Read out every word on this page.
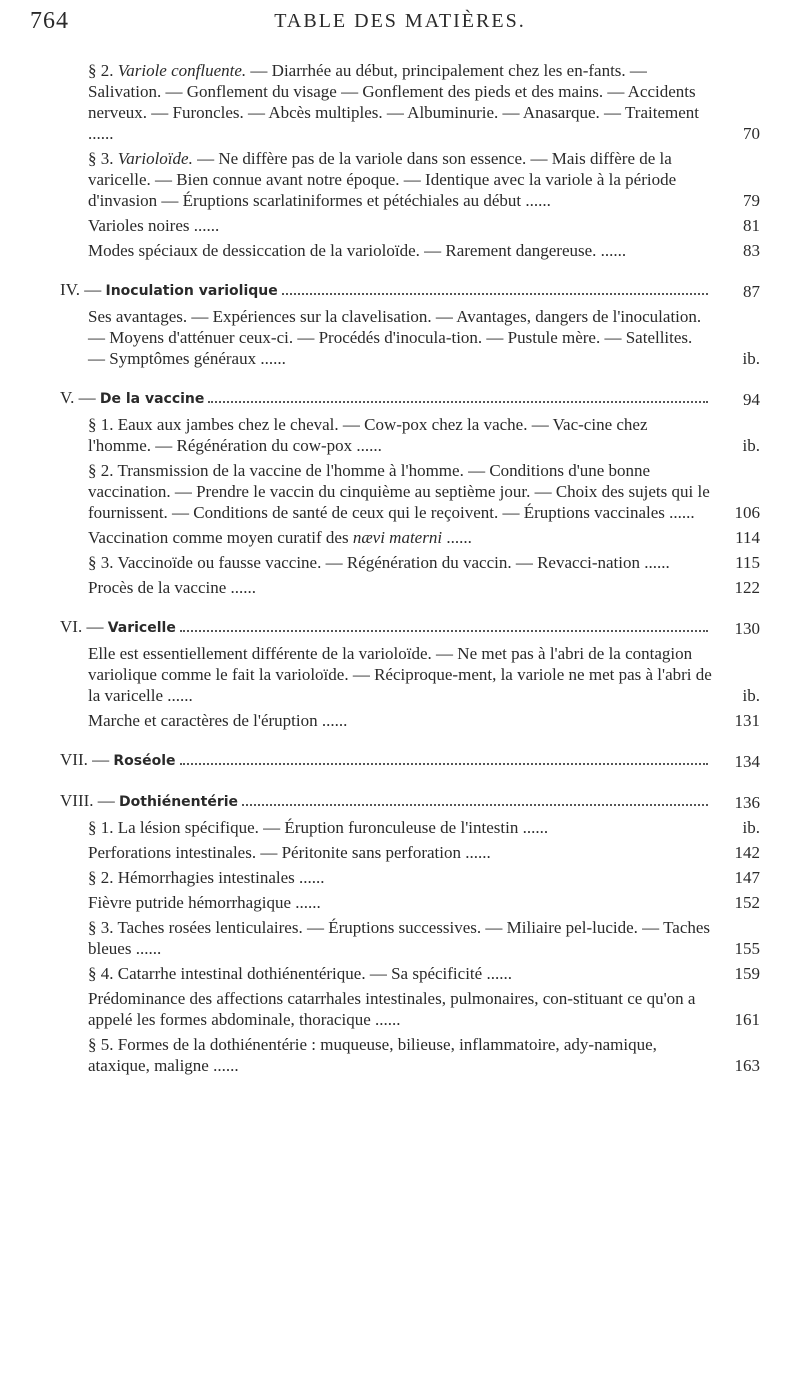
764	TABLE DES MATIÈRES.
§ 2. Variole confluente. — Diarrhée au début, principalement chez les en-fants. — Salivation. — Gonflement du visage — Gonflement des pieds et des mains. — Accidents nerveux. — Furoncles. — Abcès multiples. — Albuminurie. — Anasarque. — Traitement ......	70
§ 3. Varioloïde. — Ne diffère pas de la variole dans son essence. — Mais diffère de la varicelle. — Bien connue avant notre époque. — Identique avec la variole à la période d'invasion — Éruptions scarlatiniformes et pétéchiales au début ......	79
Varioles noires ......	81
Modes spéciaux de dessiccation de la varioloïde. — Rarement dangereuse. ......	83
IV. — Inoculation variolique	87
Ses avantages. — Expériences sur la clavelisation. — Avantages, dangers de l'inoculation. — Moyens d'atténuer ceux-ci. — Procédés d'inocula-tion. — Pustule mère. — Satellites. — Symptômes généraux ......	ib.
V. — De la vaccine	94
§ 1. Eaux aux jambes chez le cheval. — Cow-pox chez la vache. — Vac-cine chez l'homme. — Régénération du cow-pox ......	ib.
§ 2. Transmission de la vaccine de l'homme à l'homme. — Conditions d'une bonne vaccination. — Prendre le vaccin du cinquième au septième jour. — Choix des sujets qui le fournissent. — Conditions de santé de ceux qui le reçoivent. — Éruptions vaccinales ......	106
Vaccination comme moyen curatif des nævi materni ......	114
§ 3. Vaccinoïde ou fausse vaccine. — Régénération du vaccin. — Revacci-nation ......	115
Procès de la vaccine ......	122
VI. — Varicelle	130
Elle est essentiellement différente de la varioloïde. — Ne met pas à l'abri de la contagion variolique comme le fait la varioloïde. — Réciproque-ment, la variole ne met pas à l'abri de la varicelle ......	ib.
Marche et caractères de l'éruption ......	131
VII. — Roséole	134
VIII. — Dothiénentérie	136
§ 1. La lésion spécifique. — Éruption furonculeuse de l'intestin ......	ib.
Perforations intestinales. — Péritonite sans perforation ......	142
§ 2. Hémorrhagies intestinales ......	147
Fièvre putride hémorrhagique ......	152
§ 3. Taches rosées lenticulaires. — Éruptions successives. — Miliaire pel-lucide. — Taches bleues ......	155
§ 4. Catarrhe intestinal dothiénentérique. — Sa spécificité ......	159
Prédominance des affections catarrhales intestinales, pulmonaires, con-stituant ce qu'on a appelé les formes abdominale, thoracique ......	161
§ 5. Formes de la dothiénentérie : muqueuse, bilieuse, inflammatoire, ady-namique, ataxique, maligne ......	163
